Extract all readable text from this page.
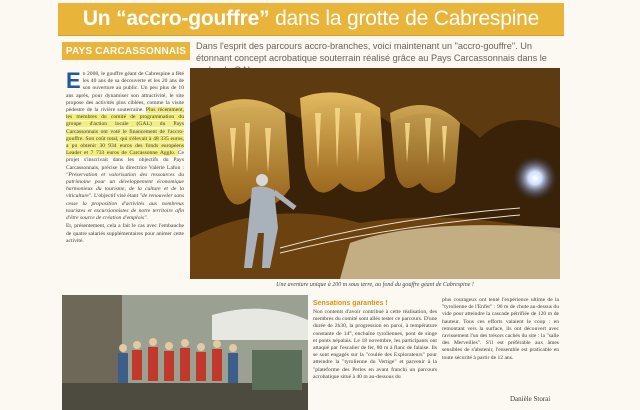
Un “accro-gouffre” dans la grotte de Cabrespine
PAYS CARCASSONNAIS	Dans l'esprit des parcours accro-branches, voici maintenant un "accro-gouffre". Un étonnant concept acrobatique souterrain réalisé grâce au Pays Carcassonnais dans le

E n 2008, le gouffre géant de Cabrespine a fêté les 40 ans de sa découverte et les 20 ans de son ouverture au public. Un peu plus de 10 ans après, pour dynamiser son attractivité, le site propose des activités plus ciblées, comme la visite pédestre de la rivière souterraine. Plus récemment, les membres du comité de programmation du groupe d'action locale (GAL) du Pays Carcassonnais ont voté le financement de l'accro-gouffre. Son coût total, qui s'élevait à 48 335 euros, a pu obtenir 30 934 euros des fonds européens Leader et 7 733 euros de Carcassonne Agglo. Ce projet s'inscrivait dans les objectifs du Pays Carcassonnais, précise la directrice Valérie Lafon : "Préservation et valorisation des ressources du patrimoine pour un développement économique harmonieux du tourisme, de la culture et de la viticulture". L'objectif visé étant "de renouveler sans cesse la proposition d'activités aux nombreux touristes et excursionnistes de notre territoire afin d'être source de création d'emplois".

Et, présentement, cela a fait le cas avec l'embauche de quatre salariés supplémentaires pour animer cette activité.

Une aventure unique à 200 m sous terre, au fond du gouffre géant de Cabrespine !
Sensations garanties !

Non contents d'avoir contribué à cette réalisation, des membres du comité sont allés tester ce parcours. D'une durée de 2h30, la progression en paroi, à température constante de 14°, enchaîne tyroliennes, pont de singe et ponts népalais. Le 18 novembre, les participants ont attaqué par l'escalier de fer, 80 m à flanc de falaise. Ils se sont engagés sur la "coulée des Explorateurs" pour atteindre la "tyrolienne du Vertige" et parvenir à la "plateforme des Perles en avant franchi un parcours acrobatique situé à 40 m au-dessous du

plus courageux ont tenté l'expérience ultime de la "tyrolienne de l'Enfer" : 90 m de chute au-dessus du vide pour atteindre la cascade pétrifiée de 120 m de hauteur. Tous ces efforts valaient le coup : en remontant vers la surface, ils ont découvert avec ravissement l'un des trésors cachés du site : la "salle des Merveilles". S'il est préférable aux âmes sensibles de s'abstenir, l'ensemble est praticable en toute sécurité à partir de 12 ans.

Danièle Storai
